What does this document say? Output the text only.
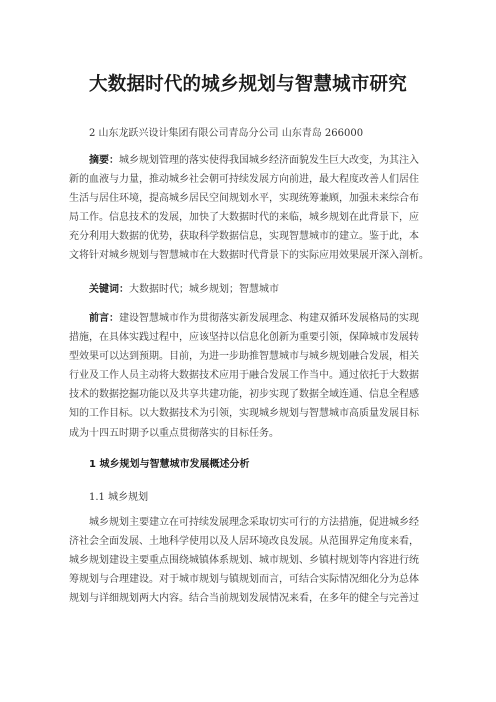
大数据时代的城乡规划与智慧城市研究
2 山东龙跃兴设计集团有限公司青岛分公司 山东青岛 266000
摘要：城乡规划管理的落实使得我国城乡经济面貌发生巨大改变，为其注入
新的血液与力量，推动城乡社会朝可持续发展方向前进，最大程度改善人们居住
生活与居住环境，提高城乡居民空间规划水平，实现统筹兼顾，加强未来综合布
局工作。信息技术的发展，加快了大数据时代的来临，城乡规划在此背景下，应
充分利用大数据的优势，获取科学数据信息，实现智慧城市的建立。鉴于此，本
文将针对城乡规划与智慧城市在大数据时代背景下的实际应用效果展开深入剖析。
关键词：大数据时代；城乡规划；智慧城市
前言：建设智慧城市作为贯彻落实新发展理念、构建双循环发展格局的实现
措施，在具体实践过程中，应该坚持以信息化创新为重要引领，保障城市发展转
型效果可以达到预期。目前，为进一步助推智慧城市与城乡规划融合发展，相关
行业及工作人员主动将大数据技术应用于融合发展工作当中。通过依托于大数据
技术的数据挖掘功能以及共享共建功能，初步实现了数据全域连通、信息全程感
知的工作目标。以大数据技术为引领，实现城乡规划与智慧城市高质量发展目标
成为十四五时期予以重点贯彻落实的目标任务。
1 城乡规划与智慧城市发展概述分析
1.1 城乡规划
城乡规划主要建立在可持续发展理念采取切实可行的方法措施，促进城乡经
济社会全面发展、土地科学使用以及人居环境改良发展。从范围界定角度来看，
城乡规划建设主要重点围绕城镇体系规划、城市规划、乡镇村规划等内容进行统
筹规划与合理建设。对于城市规划与镇规划而言，可结合实际情况细化分为总体
规划与详细规划两大内容。结合当前规划发展情况来看，在多年的健全与完善过
